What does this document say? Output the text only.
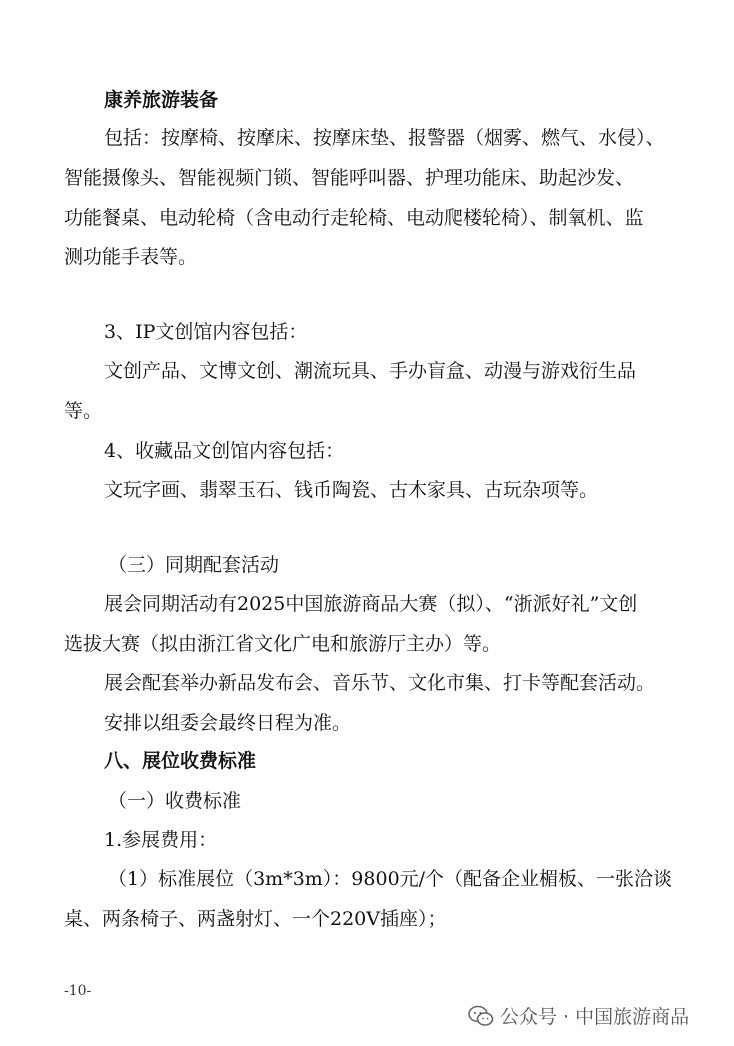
康养旅游装备
包括：按摩椅、按摩床、按摩床垫、报警器（烟雾、燃气、水侵）、
智能摄像头、智能视频门锁、智能呼叫器、护理功能床、助起沙发、
功能餐桌、电动轮椅（含电动行走轮椅、电动爬楼轮椅）、制氧机、监
测功能手表等。
3、IP文创馆内容包括：
文创产品、文博文创、潮流玩具、手办盲盒、动漫与游戏衍生品
等。
4、收藏品文创馆内容包括：
文玩字画、翡翠玉石、钱币陶瓷、古木家具、古玩杂项等。
（三）同期配套活动
展会同期活动有2025中国旅游商品大赛（拟）、“浙派好礼”文创
选拔大赛（拟由浙江省文化广电和旅游厅主办）等。
展会配套举办新品发布会、音乐节、文化市集、打卡等配套活动。
安排以组委会最终日程为准。
八、展位收费标准
（一）收费标准
1.参展费用：
（1）标准展位（3m*3m）：9800元/个（配备企业楣板、一张洽谈
桌、两条椅子、两盏射灯、一个220V插座）；
-10-
公众号 · 中国旅游商品
